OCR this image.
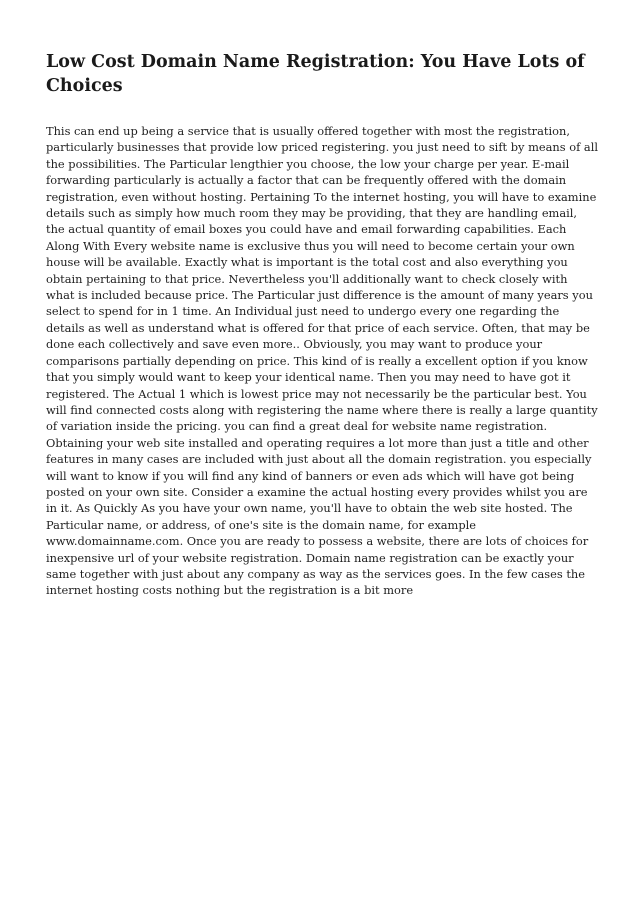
Low Cost Domain Name Registration: You Have Lots of Choices

This can end up being a service that is usually offered together with most the registration, particularly businesses that provide low priced registering. you just need to sift by means of all the possibilities. The Particular lengthier you choose, the low your charge per year. E-mail forwarding particularly is actually a factor that can be frequently offered with the domain registration, even without hosting. Pertaining To the internet hosting, you will have to examine details such as simply how much room they may be providing, that they are handling email, the actual quantity of email boxes you could have and email forwarding capabilities. Each Along With Every website name is exclusive thus you will need to become certain your own house will be available. Exactly what is important is the total cost and also everything you obtain pertaining to that price. Nevertheless you'll additionally want to check closely with what is included because price. The Particular just difference is the amount of many years you select to spend for in 1 time. An Individual just need to undergo every one regarding the details as well as understand what is offered for that price of each service. Often, that may be done each collectively and save even more.. Obviously, you may want to produce your comparisons partially depending on price. This kind of is really a excellent option if you know that you simply would want to keep your identical name. Then you may need to have got it registered. The Actual 1 which is lowest price may not necessarily be the particular best. You will find connected costs along with registering the name where there is really a large quantity of variation inside the pricing. you can find a great deal for website name registration. Obtaining your web site installed and operating requires a lot more than just a title and other features in many cases are included with just about all the domain registration. you especially will want to know if you will find any kind of banners or even ads which will have got being posted on your own site. Consider a examine the actual hosting every provides whilst you are in it. As Quickly As you have your own name, you'll have to obtain the web site hosted. The Particular name, or address, of one's site is the domain name, for example www.domainname.com. Once you are ready to possess a website, there are lots of choices for inexpensive url of your website registration. Domain name registration can be exactly your same together with just about any company as way as the services goes. In the few cases the internet hosting costs nothing but the registration is a bit more
